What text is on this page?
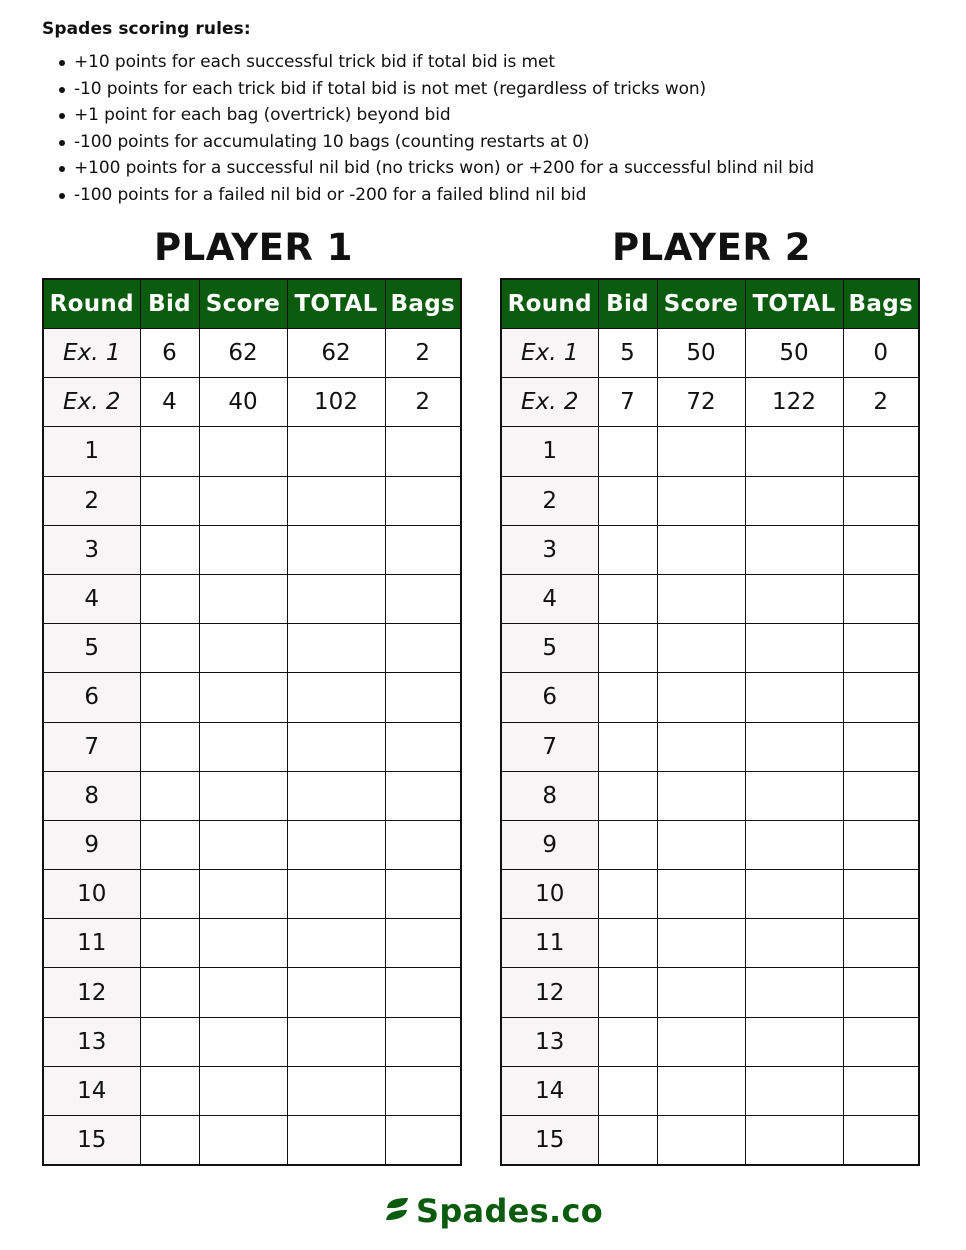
Spades scoring rules:
+10 points for each successful trick bid if total bid is met
-10 points for each trick bid if total bid is not met (regardless of tricks won)
+1 point for each bag (overtrick) beyond bid
-100 points for accumulating 10 bags (counting restarts at 0)
+100 points for a successful nil bid (no tricks won) or +200 for a successful blind nil bid
-100 points for a failed nil bid or -200 for a failed blind nil bid
PLAYER 1	PLAYER 2
Round	Bid	Score	TOTAL	Bags
Ex. 1	6	62	62	2
Ex. 2	4	40	102	2
1				
2				
3				
4				
5				
6				
7				
8				
9				
10				
11				
12				
13				
14				
15				
Round	Bid	Score	TOTAL	Bags
Ex. 1	5	50	50	0
Ex. 2	7	72	122	2
1				
2				
3				
4				
5				
6				
7				
8				
9				
10				
11				
12				
13				
14				
15				
Spades.co
